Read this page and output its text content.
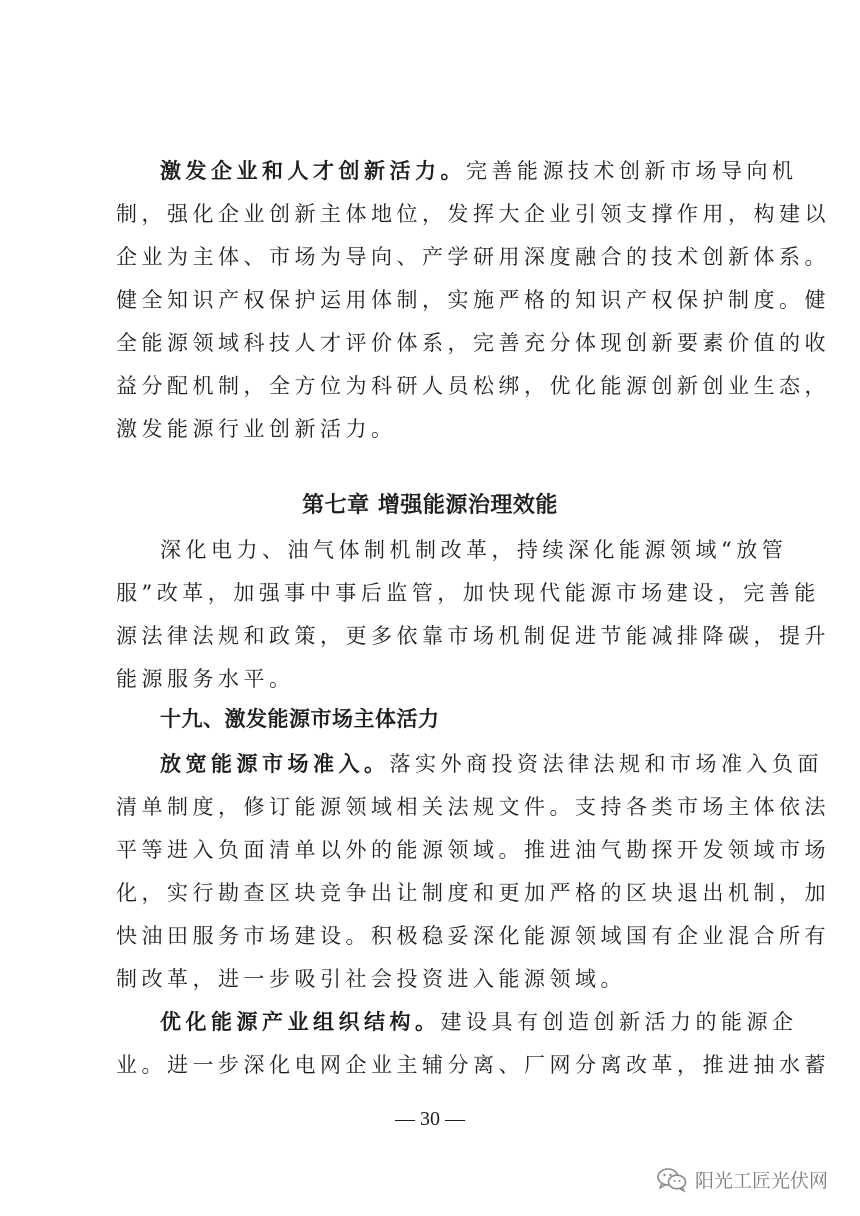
激发企业和人才创新活力。完善能源技术创新市场导向机
制，强化企业创新主体地位，发挥大企业引领支撑作用，构建以
企业为主体、市场为导向、产学研用深度融合的技术创新体系。
健全知识产权保护运用体制，实施严格的知识产权保护制度。健
全能源领域科技人才评价体系，完善充分体现创新要素价值的收
益分配机制，全方位为科研人员松绑，优化能源创新创业生态，
激发能源行业创新活力。
第七章 增强能源治理效能
深化电力、油气体制机制改革，持续深化能源领域“放管
服”改革，加强事中事后监管，加快现代能源市场建设，完善能
源法律法规和政策，更多依靠市场机制促进节能减排降碳，提升
能源服务水平。
十九、激发能源市场主体活力
放宽能源市场准入。落实外商投资法律法规和市场准入负面
清单制度，修订能源领域相关法规文件。支持各类市场主体依法
平等进入负面清单以外的能源领域。推进油气勘探开发领域市场
化，实行勘查区块竞争出让制度和更加严格的区块退出机制，加
快油田服务市场建设。积极稳妥深化能源领域国有企业混合所有
制改革，进一步吸引社会投资进入能源领域。
优化能源产业组织结构。建设具有创造创新活力的能源企
业。进一步深化电网企业主辅分离、厂网分离改革，推进抽水蓄
— 30 —
阳光工匠光伏网
